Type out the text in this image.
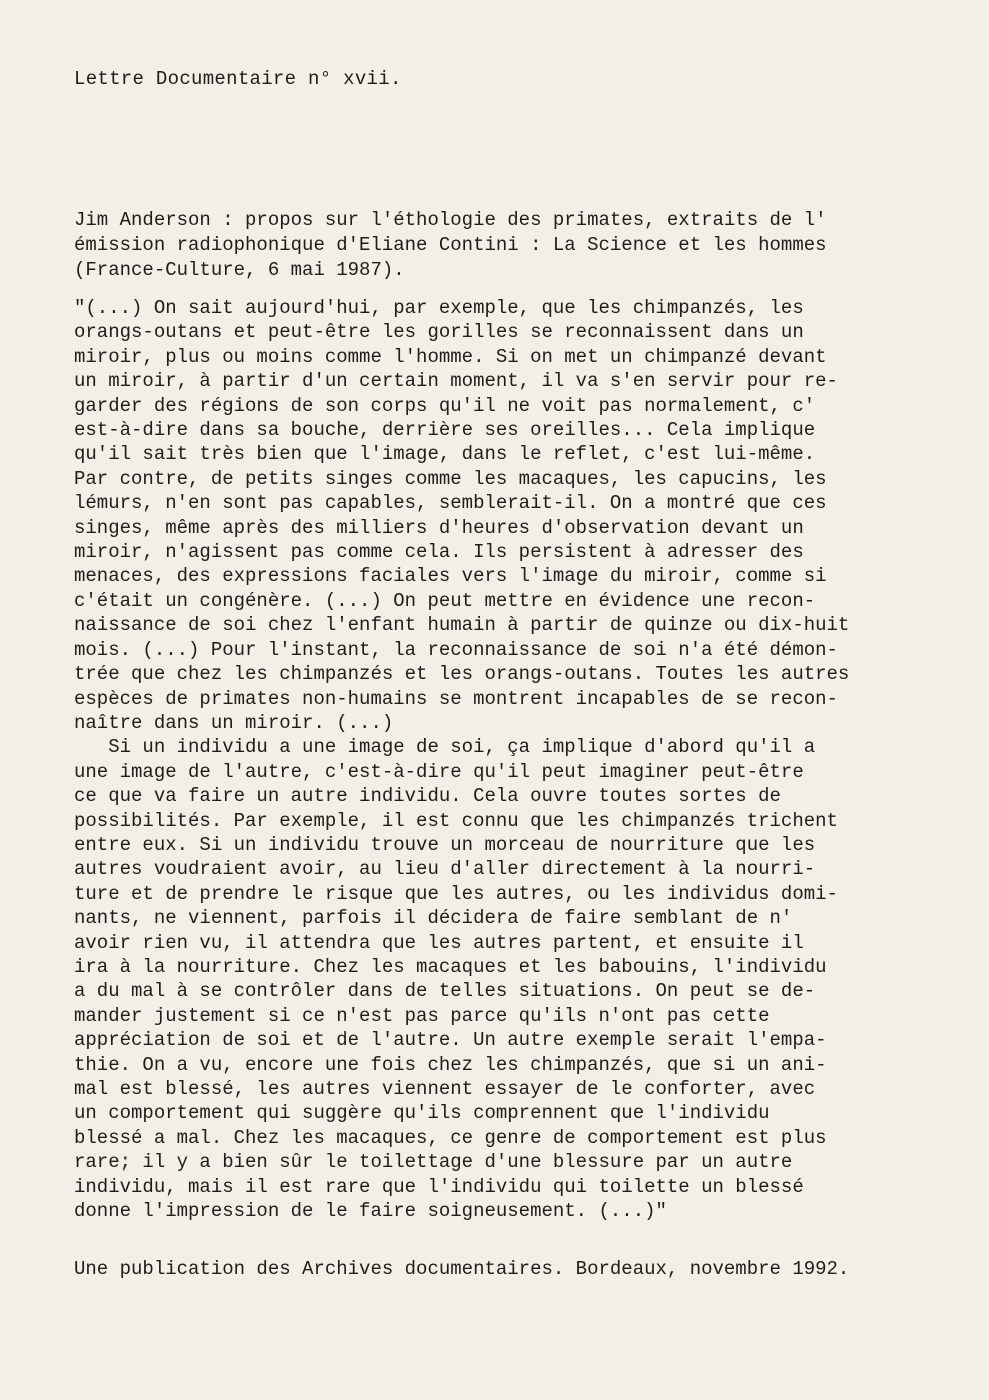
Lettre Documentaire n° xvii.
Jim Anderson : propos sur l'éthologie des primates, extraits de l'
émission radiophonique d'Eliane Contini : La Science et les hommes
(France-Culture, 6 mai 1987).
"(...) On sait aujourd'hui, par exemple, que les chimpanzés, les
orangs-outans et peut-être les gorilles se reconnaissent dans un
miroir, plus ou moins comme l'homme. Si on met un chimpanzé devant
un miroir, à partir d'un certain moment, il va s'en servir pour re-
garder des régions de son corps qu'il ne voit pas normalement, c'
est-à-dire dans sa bouche, derrière ses oreilles... Cela implique
qu'il sait très bien que l'image, dans le reflet, c'est lui-même.
Par contre, de petits singes comme les macaques, les capucins, les
lémurs, n'en sont pas capables, semblerait-il. On a montré que ces
singes, même après des milliers d'heures d'observation devant un
miroir, n'agissent pas comme cela. Ils persistent à adresser des
menaces, des expressions faciales vers l'image du miroir, comme si
c'était un congénère. (...) On peut mettre en évidence une recon-
naissance de soi chez l'enfant humain à partir de quinze ou dix-huit
mois. (...) Pour l'instant, la reconnaissance de soi n'a été démon-
trée que chez les chimpanzés et les orangs-outans. Toutes les autres
espèces de primates non-humains se montrent incapables de se recon-
naître dans un miroir. (...)
Si un individu a une image de soi, ça implique d'abord qu'il a
une image de l'autre, c'est-à-dire qu'il peut imaginer peut-être
ce que va faire un autre individu. Cela ouvre toutes sortes de
possibilités. Par exemple, il est connu que les chimpanzés trichent
entre eux. Si un individu trouve un morceau de nourriture que les
autres voudraient avoir, au lieu d'aller directement à la nourri-
ture et de prendre le risque que les autres, ou les individus domi-
nants, ne viennent, parfois il décidera de faire semblant de n'
avoir rien vu, il attendra que les autres partent, et ensuite il
ira à la nourriture. Chez les macaques et les babouins, l'individu
a du mal à se contrôler dans de telles situations. On peut se de-
mander justement si ce n'est pas parce qu'ils n'ont pas cette
appréciation de soi et de l'autre. Un autre exemple serait l'empa-
thie. On a vu, encore une fois chez les chimpanzés, que si un ani-
mal est blessé, les autres viennent essayer de le conforter, avec
un comportement qui suggère qu'ils comprennent que l'individu
blessé a mal. Chez les macaques, ce genre de comportement est plus
rare; il y a bien sûr le toilettage d'une blessure par un autre
individu, mais il est rare que l'individu qui toilette un blessé
donne l'impression de le faire soigneusement. (...)"
Une publication des Archives documentaires. Bordeaux, novembre 1992.
